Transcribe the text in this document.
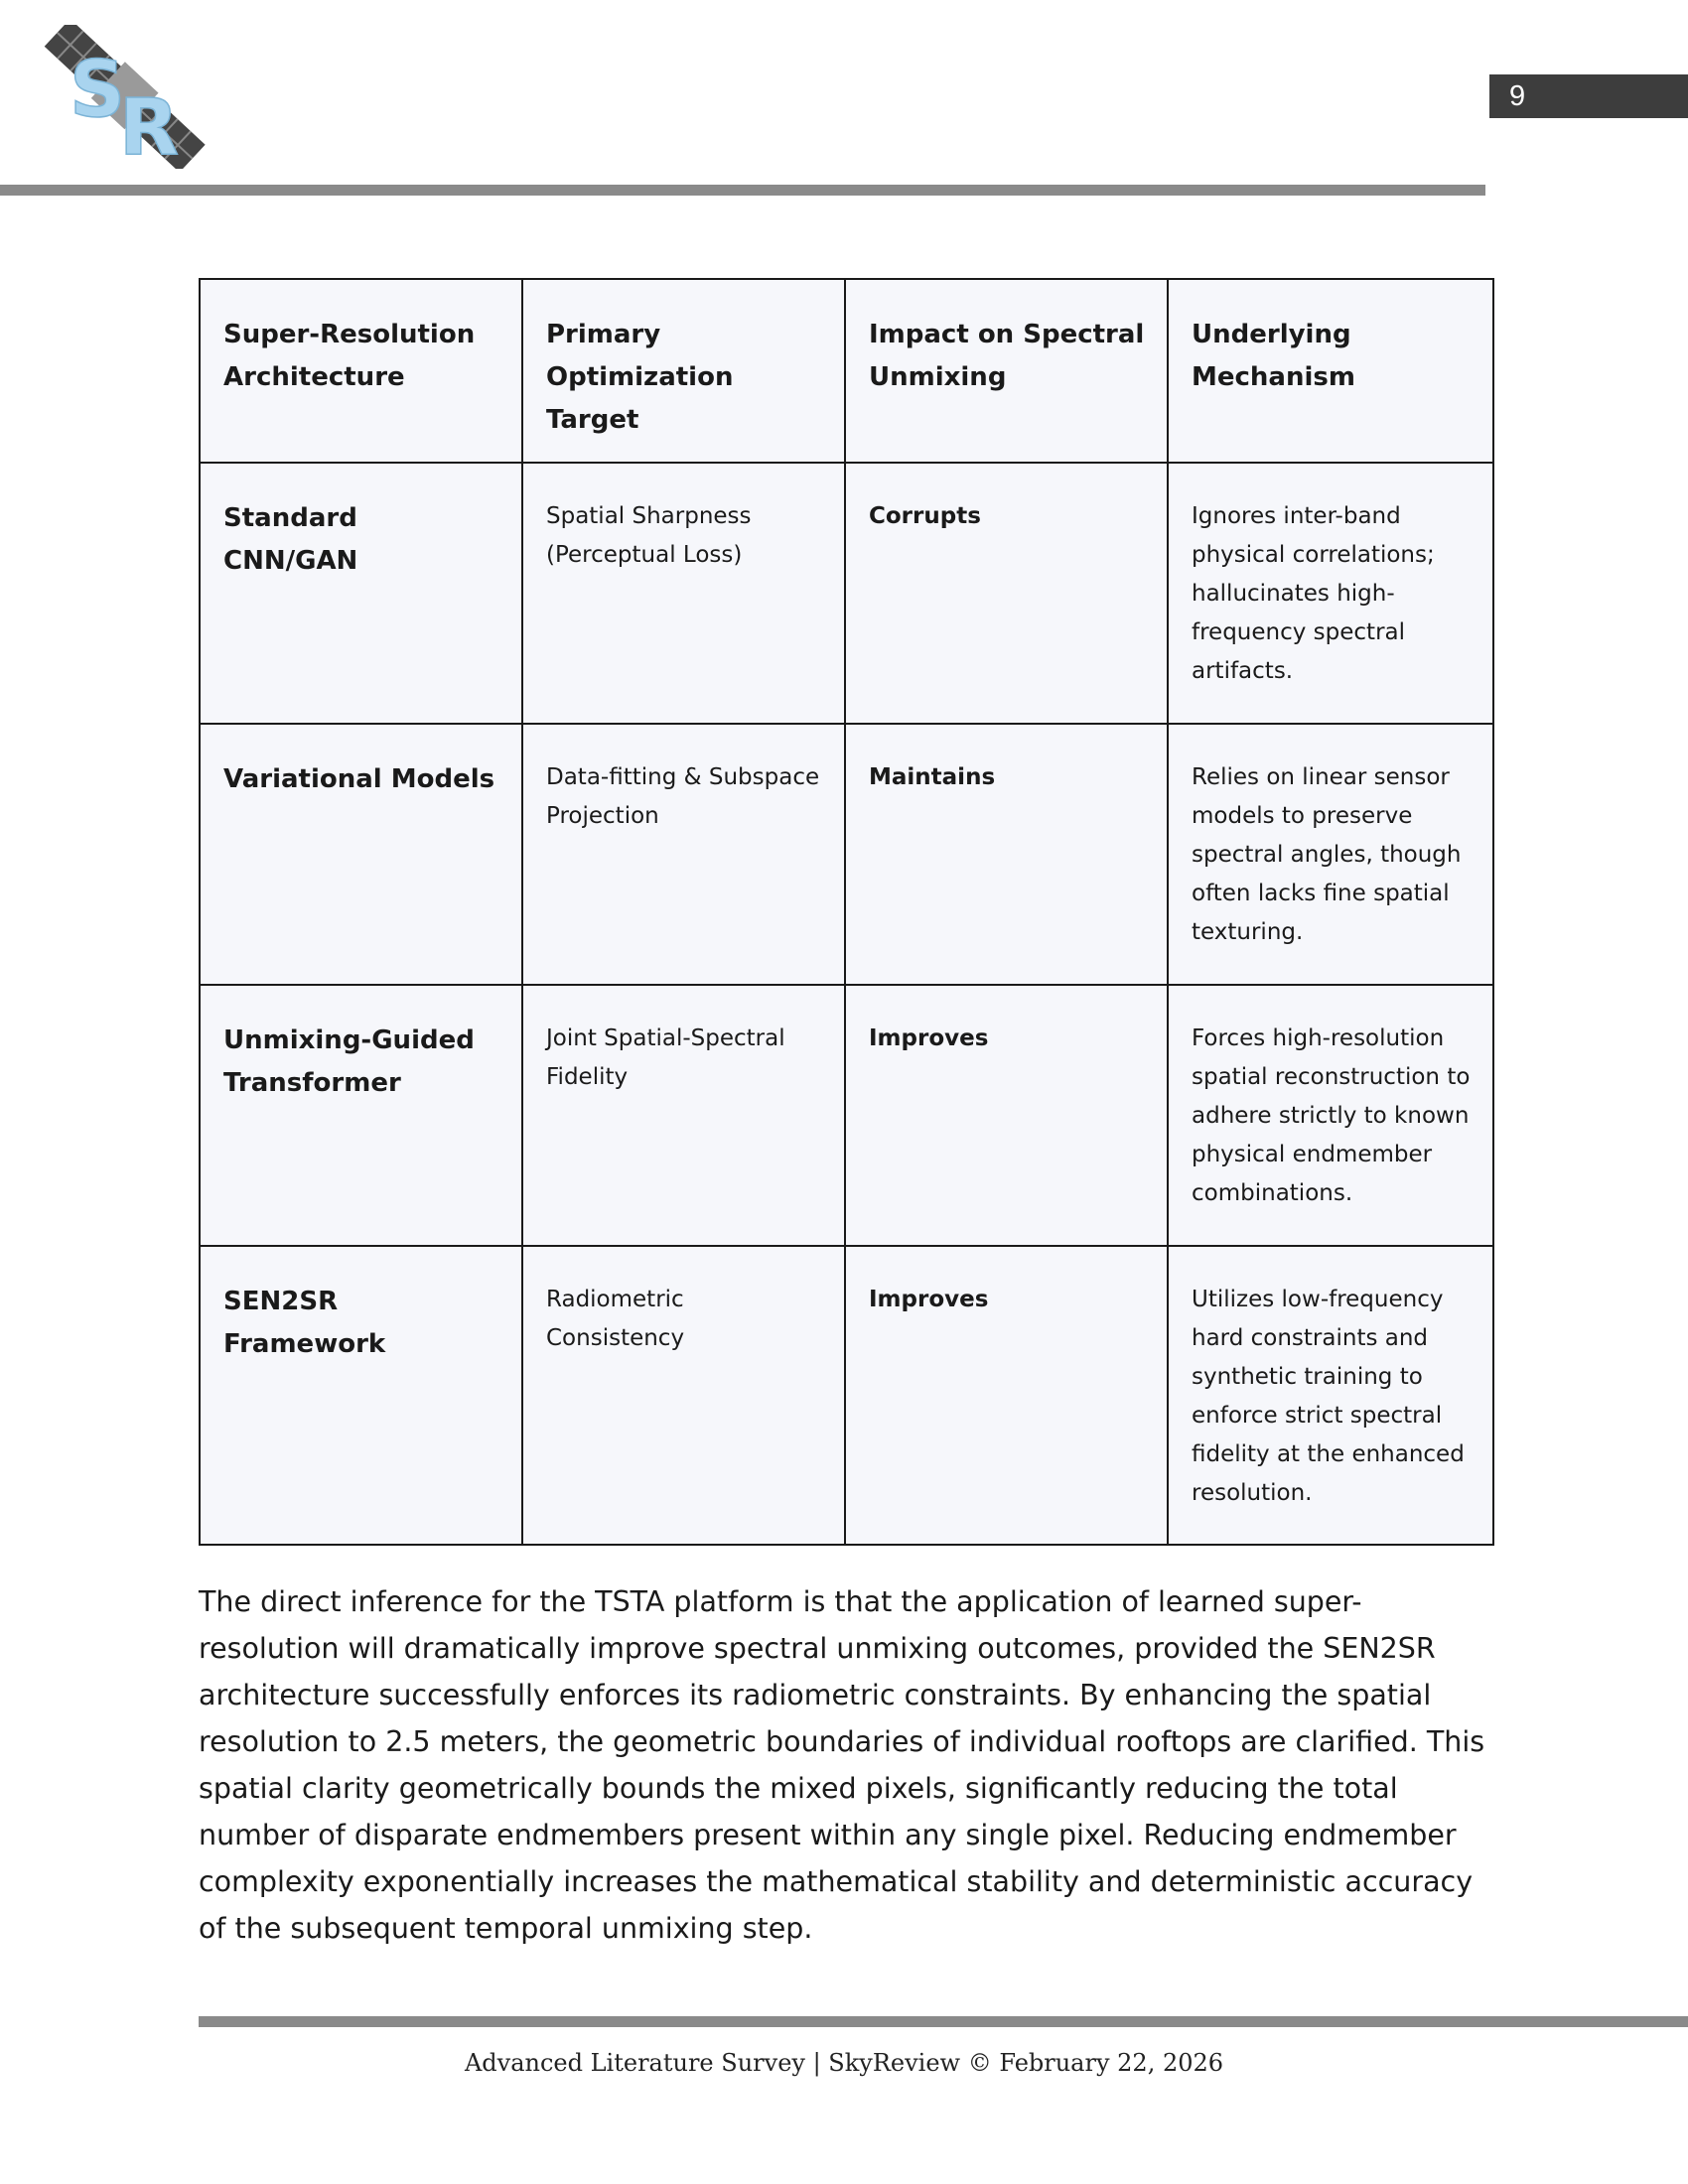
S
R	9
Super-Resolution Architecture	Primary Optimization Target	Impact on Spectral Unmixing	Underlying Mechanism
Standard CNN/GAN	Spatial Sharpness (Perceptual Loss)	Corrupts	Ignores inter-band physical correlations; hallucinates high-frequency spectral artifacts.
Variational Models	Data-fitting & Subspace Projection	Maintains	Relies on linear sensor models to preserve spectral angles, though often lacks fine spatial texturing.
Unmixing-Guided Transformer	Joint Spatial-Spectral Fidelity	Improves	Forces high-resolution spatial reconstruction to adhere strictly to known physical endmember combinations.
SEN2SR Framework	Radiometric Consistency	Improves	Utilizes low-frequency hard constraints and synthetic training to enforce strict spectral fidelity at the enhanced resolution.

The direct inference for the TSTA platform is that the application of learned super-resolution will dramatically improve spectral unmixing outcomes, provided the SEN2SR architecture successfully enforces its radiometric constraints. By enhancing the spatial resolution to 2.5 meters, the geometric boundaries of individual rooftops are clarified. This spatial clarity geometrically bounds the mixed pixels, significantly reducing the total number of disparate endmembers present within any single pixel. Reducing endmember complexity exponentially increases the mathematical stability and deterministic accuracy of the subsequent temporal unmixing step.

Advanced Literature Survey | SkyReview © February 22, 2026
